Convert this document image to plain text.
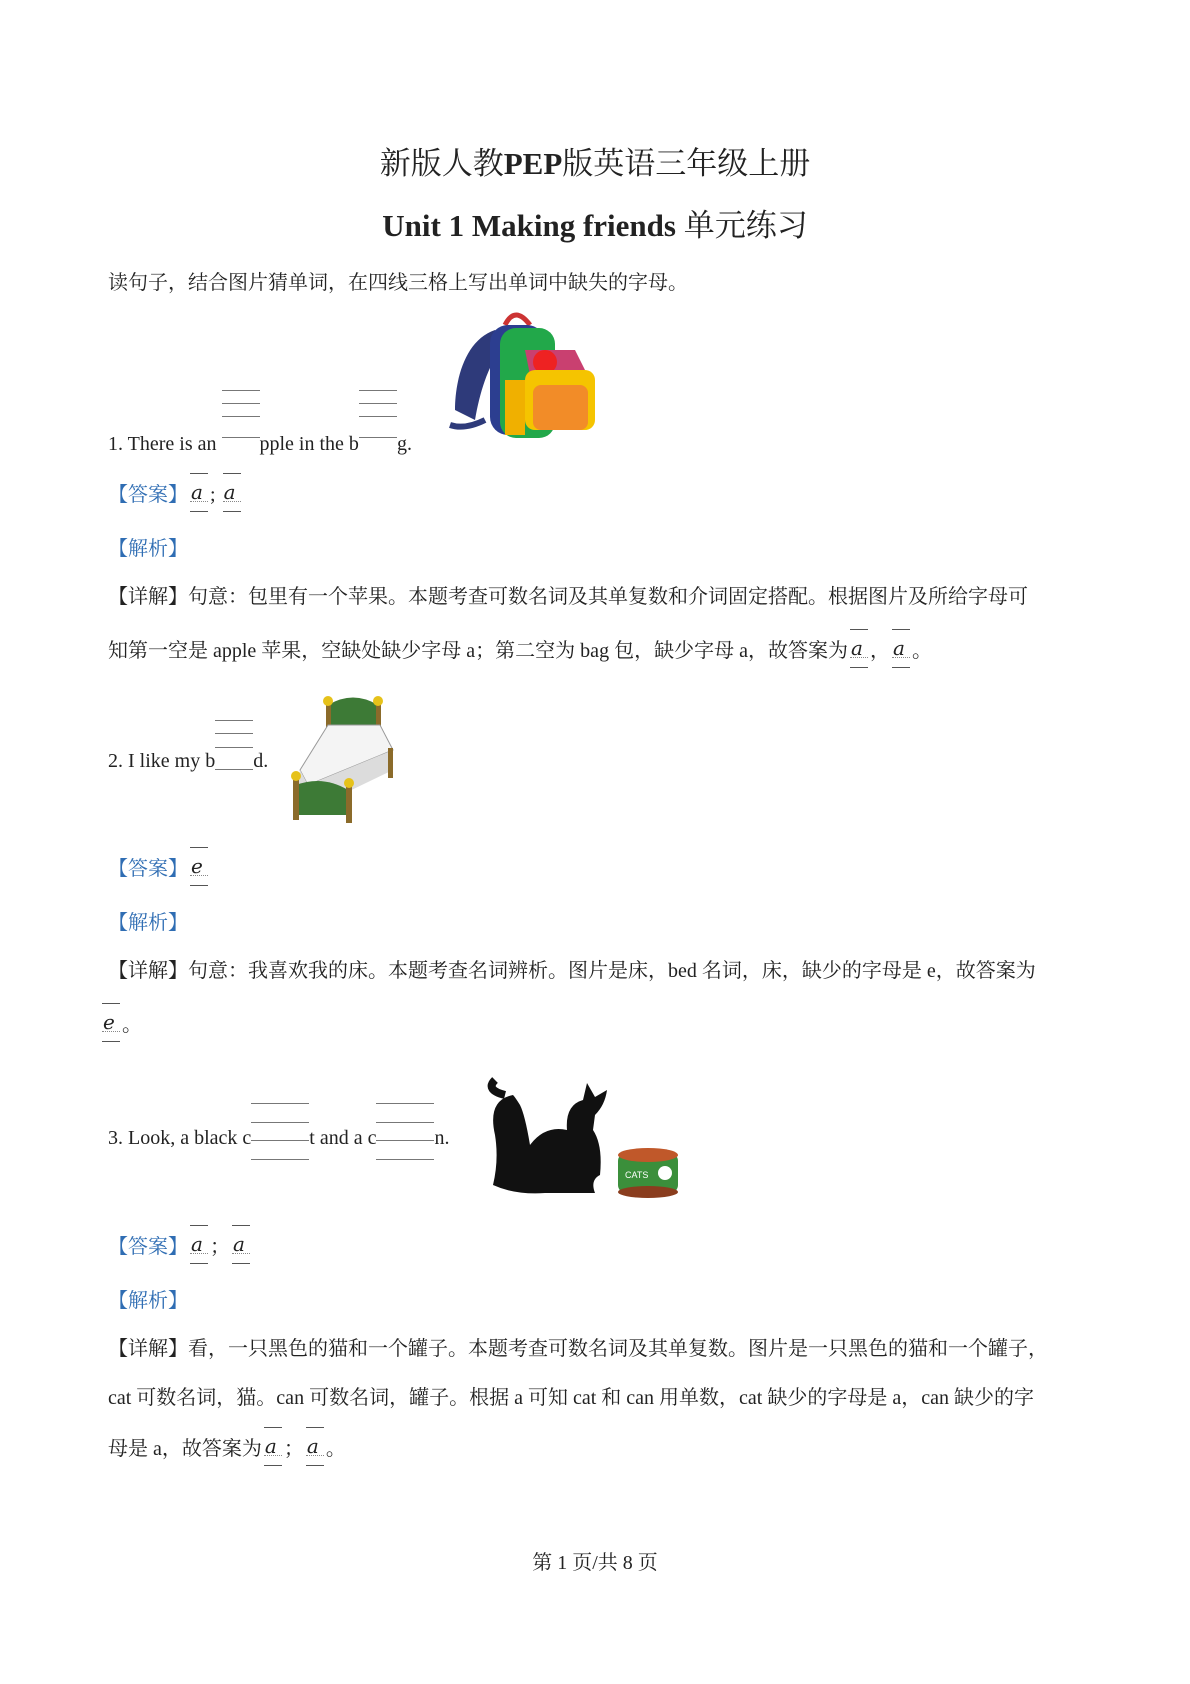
新版人教PEP版英语三年级上册
Unit 1 Making friends 单元练习
读句子，结合图片猜单词，在四线三格上写出单词中缺失的字母。
1. There is an
pple in the b g.
【答案】 a ; a
【解析】
【详解】句意：包里有一个苹果。本题考查可数名词及其单复数和介词固定搭配。根据图片及所给字母可
知第一空是 apple 苹果，空缺处缺少字母 a；第二空为 bag 包，缺少字母 a，故答案为 a ， a 。
2. I like my b d.
【答案】 e
【解析】
【详解】句意：我喜欢我的床。本题考查名词辨析。图片是床，bed 名词，床，缺少的字母是 e，故答案为
e 。
3. Look, a black c	t and a c	n.
CATS
【答案】 a ； a
【解析】
【详解】看，一只黑色的猫和一个罐子。本题考查可数名词及其单复数。图片是一只黑色的猫和一个罐子，
cat 可数名词，猫。can 可数名词，罐子。根据 a 可知 cat 和 can 用单数，cat 缺少的字母是 a，can 缺少的字
母是 a，故答案为 a ； a 。
第 1 页/共 8 页
